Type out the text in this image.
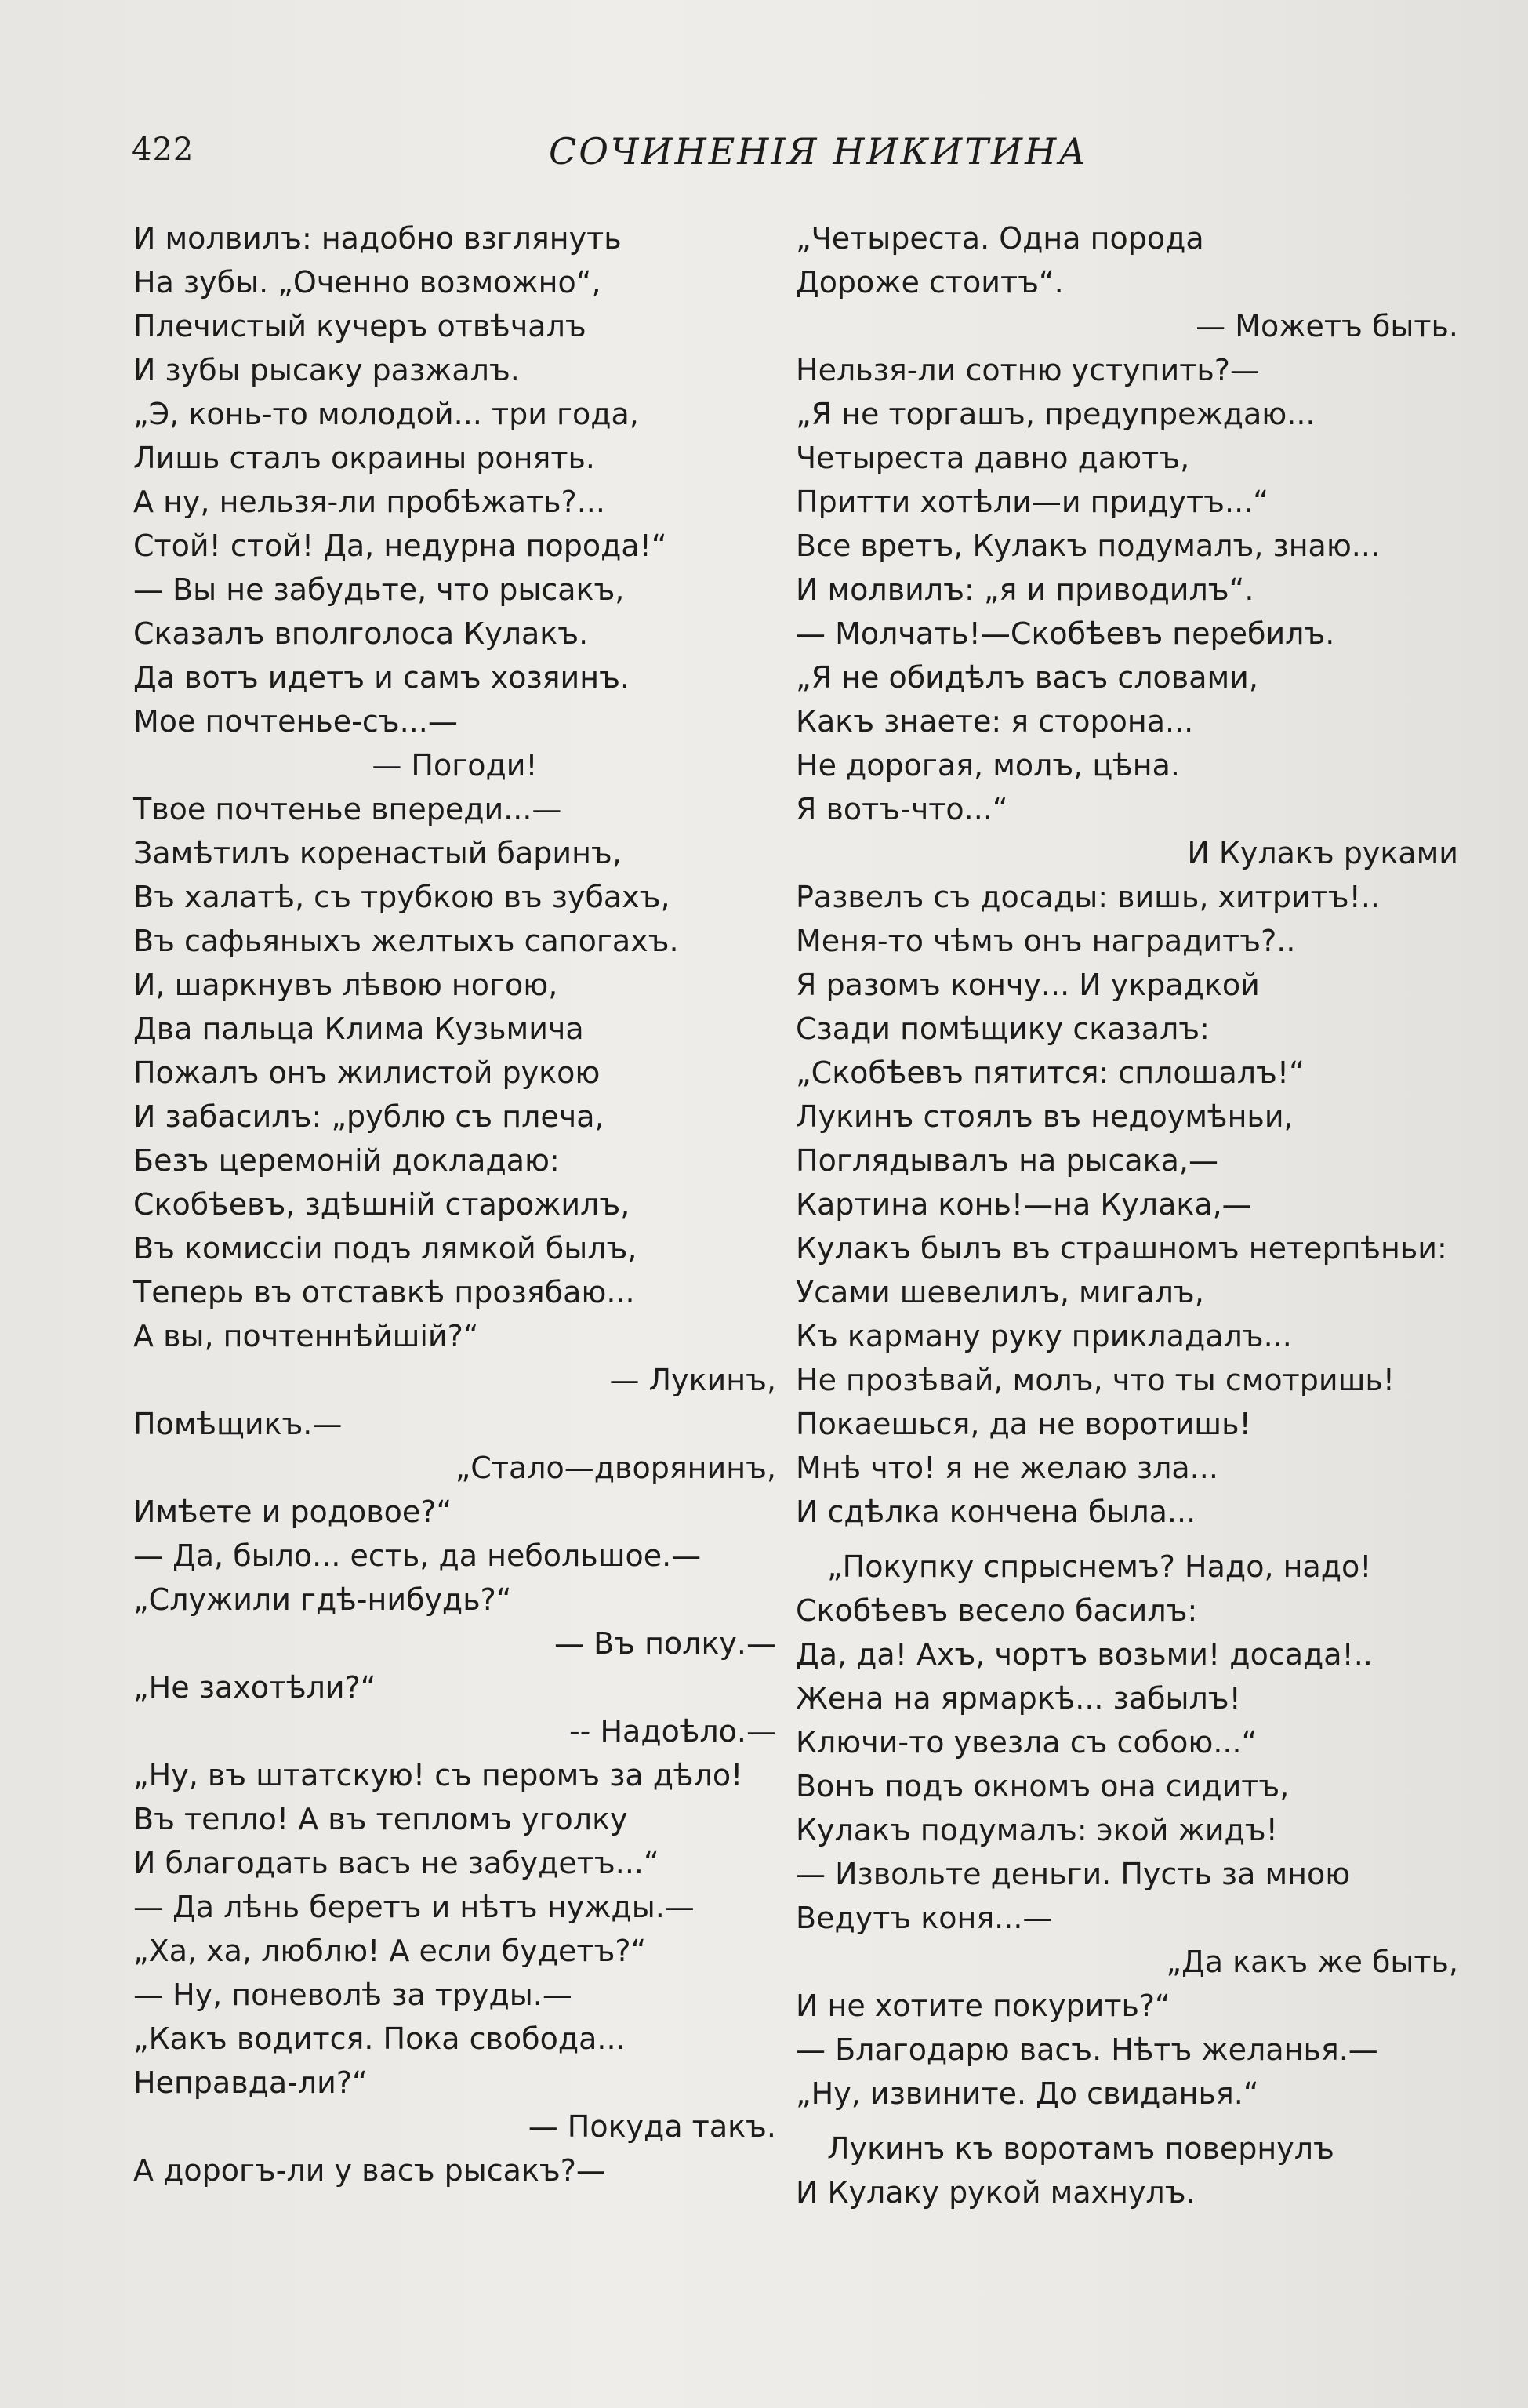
422	СОЧИНЕНІЯ НИКИТИНА
И молвилъ: надобно взглянуть
На зубы. „Оченно возможно“,
Плечистый кучеръ отвѣчалъ
И зубы рысаку разжалъ.
„Э, конь-то молодой... три года,
Лишь сталъ окраины ронять.
А ну, нельзя-ли пробѣжать?...
Стой! стой! Да, недурна порода!“
— Вы не забудьте, что рысакъ,
Сказалъ вполголоса Кулакъ.
Да вотъ идетъ и самъ хозяинъ.
Мое почтенье-съ...—
— Погоди!
Твое почтенье впереди...—
Замѣтилъ коренастый баринъ,
Въ халатѣ, съ трубкою въ зубахъ,
Въ сафьяныхъ желтыхъ сапогахъ.
И, шаркнувъ лѣвою ногою,
Два пальца Клима Кузьмича
Пожалъ онъ жилистой рукою
И забасилъ: „рублю съ плеча,
Безъ церемоній докладаю:
Скобѣевъ, здѣшній старожилъ,
Въ комиссіи подъ лямкой былъ,
Теперь въ отставкѣ прозябаю...
А вы, почтеннѣйшій?“
— Лукинъ,
Помѣщикъ.—
„Стало—дворянинъ,
Имѣете и родовое?“
— Да, было... есть, да небольшое.—
„Служили гдѣ-нибудь?“
— Въ полку.—
„Не захотѣли?“
-- Надоѣло.—
„Ну, въ штатскую! съ перомъ за дѣло!
Въ тепло! А въ тепломъ уголку
И благодать васъ не забудетъ...“
— Да лѣнь беретъ и нѣтъ нужды.—
„Ха, ха, люблю! А если будетъ?“
— Ну, поневолѣ за труды.—
„Какъ водится. Пока свобода...
Неправда-ли?“
— Покуда такъ.
А дорогъ-ли у васъ рысакъ?—
„Четыреста. Одна порода
Дороже стоитъ“.
— Можетъ быть.
Нельзя-ли сотню уступить?—
„Я не торгашъ, предупреждаю...
Четыреста давно даютъ,
Притти хотѣли—и придутъ...“
Все вретъ, Кулакъ подумалъ, знаю...
И молвилъ: „я и приводилъ“.
— Молчать!—Скобѣевъ перебилъ.
„Я не обидѣлъ васъ словами,
Какъ знаете: я сторона...
Не дорогая, молъ, цѣна.
Я вотъ-что...“
И Кулакъ руками
Развелъ съ досады: вишь, хитритъ!..
Меня-то чѣмъ онъ наградитъ?..
Я разомъ кончу... И украдкой
Сзади помѣщику сказалъ:
„Скобѣевъ пятится: сплошалъ!“
Лукинъ стоялъ въ недоумѣньи,
Поглядывалъ на рысака,—
Картина конь!—на Кулака,—
Кулакъ былъ въ страшномъ нетерпѣньи:
Усами шевелилъ, мигалъ,
Къ карману руку прикладалъ...
Не прозѣвай, молъ, что ты смотришь!
Покаешься, да не воротишь!
Мнѣ что! я не желаю зла...
И сдѣлка кончена была...
„Покупку спрыснемъ? Надо, надо!
Скобѣевъ весело басилъ:
Да, да! Ахъ, чортъ возьми! досада!..
Жена на ярмаркѣ... забылъ!
Ключи-то увезла съ собою...“
Вонъ подъ окномъ она сидитъ,
Кулакъ подумалъ: экой жидъ!
— Извольте деньги. Пусть за мною
Ведутъ коня...—
„Да какъ же быть,
И не хотите покурить?“
— Благодарю васъ. Нѣтъ желанья.—
„Ну, извините. До свиданья.“
Лукинъ къ воротамъ повернулъ
И Кулаку рукой махнулъ.
